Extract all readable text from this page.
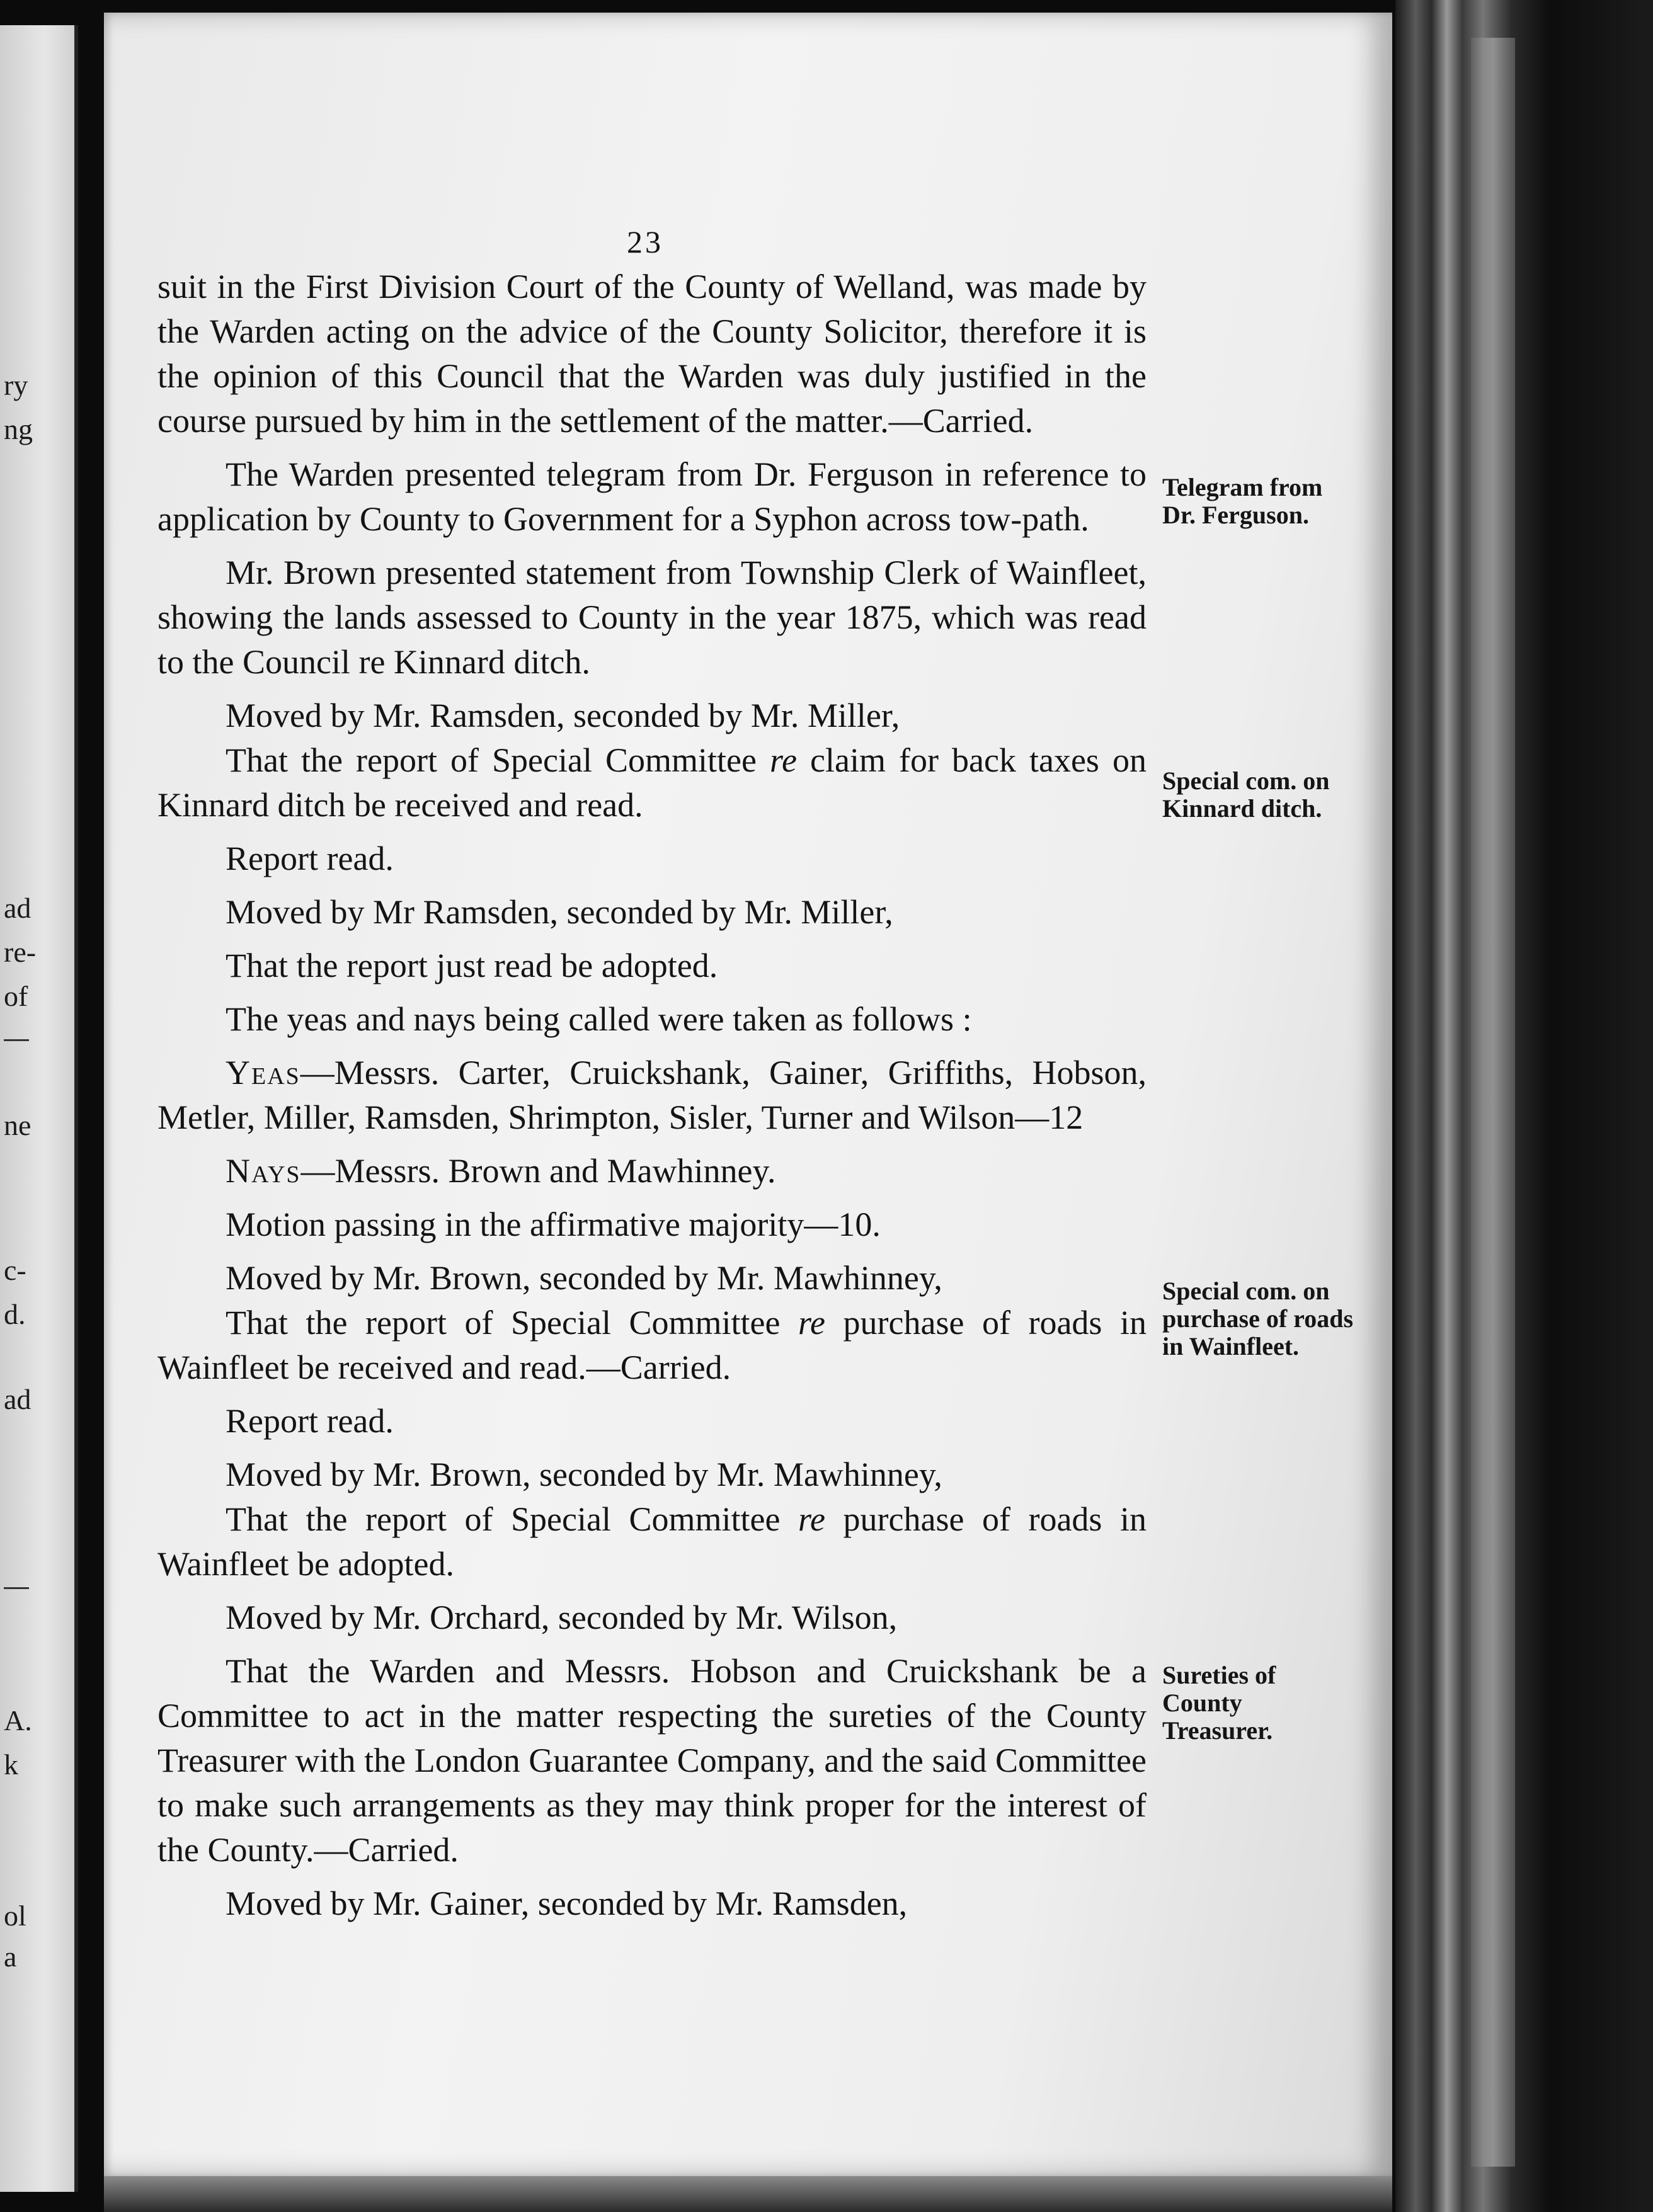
ry
ng
ad
re-
of
ne
c-
d.
ad
A.
k
ol
a
23

suit in the First Division Court of the County of Welland, was made by the Warden acting on the advice of the County Solicitor, therefore it is the opinion of this Council that the Warden was duly justified in the course pursued by him in the settlement of the matter.—Carried.

The Warden presented telegram from Dr. Ferguson in reference to application by County to Government for a Syphon across tow-path.

Mr. Brown presented statement from Township Clerk of Wainfleet, showing the lands assessed to County in the year 1875, which was read to the Council re Kinnard ditch.

Moved by Mr. Ramsden, seconded by Mr. Miller,

That the report of Special Committee re claim for back taxes on Kinnard ditch be received and read.

Report read.

Moved by Mr Ramsden, seconded by Mr. Miller,

That the report just read be adopted.

The yeas and nays being called were taken as follows :

Yeas—Messrs. Carter, Cruickshank, Gainer, Griffiths, Hobson, Metler, Miller, Ramsden, Shrimpton, Sisler, Turner and Wilson—12

Nays—Messrs. Brown and Mawhinney.

Motion passing in the affirmative majority—10.

Moved by Mr. Brown, seconded by Mr. Mawhinney,

That the report of Special Committee re purchase of roads in Wainfleet be received and read.—Carried.

Report read.

Moved by Mr. Brown, seconded by Mr. Mawhinney,

That the report of Special Committee re purchase of roads in Wainfleet be adopted.

Moved by Mr. Orchard, seconded by Mr. Wilson,

That the Warden and Messrs. Hobson and Cruickshank be a Committee to act in the matter respecting the sureties of the County Treasurer with the London Guarantee Company, and the said Committee to make such arrangements as they may think proper for the interest of the County.—Carried.

Moved by Mr. Gainer, seconded by Mr. Ramsden,

Telegram from Dr. Ferguson.
Special com. on Kinnard ditch.
Special com. on purchase of roads in Wainfleet.
Sureties of County Treasurer.
